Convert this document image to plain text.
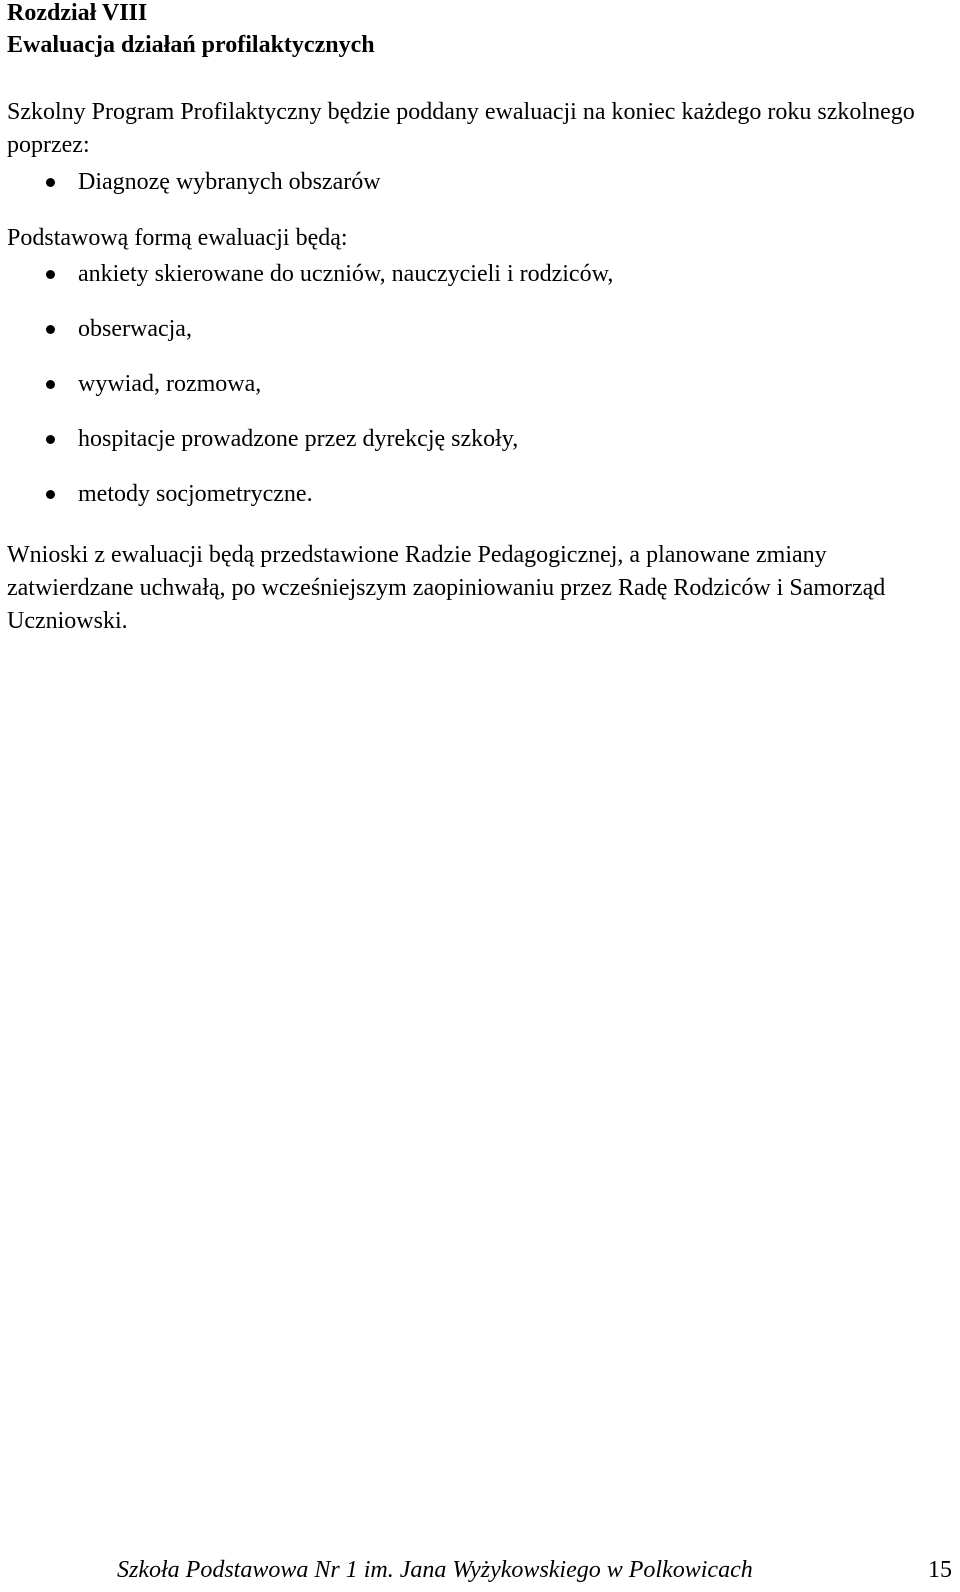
Rozdział VIII
Ewaluacja działań profilaktycznych

Szkolny Program Profilaktyczny będzie poddany ewaluacji na koniec każdego roku szkolnego poprzez:

Diagnozę wybranych obszarów

Podstawową formą ewaluacji będą:

ankiety skierowane do uczniów, nauczycieli i rodziców,
obserwacja,
wywiad, rozmowa,
hospitacje prowadzone przez dyrekcję szkoły,
metody socjometryczne.

Wnioski z ewaluacji będą przedstawione Radzie Pedagogicznej, a planowane zmiany zatwierdzane uchwałą, po wcześniejszym zaopiniowaniu przez Radę Rodziców i Samorząd Uczniowski.

Szkoła Podstawowa Nr 1 im. Jana Wyżykowskiego w Polkowicach	15
